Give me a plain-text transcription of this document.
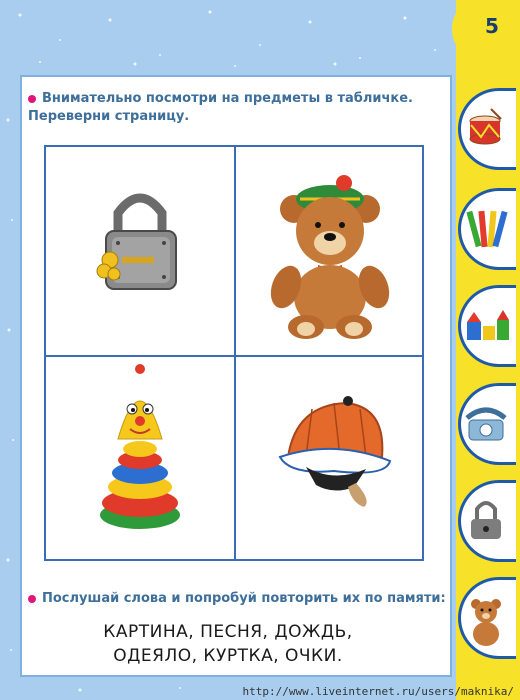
5
Внимательно посмотри на предметы в табличке.
Переверни страницу.
Послушай слова и попробуй повторить их по памяти:
КАРТИНА, ПЕСНЯ, ДОЖДЬ,
ОДЕЯЛО, КУРТКА, ОЧКИ.
http://www.liveinternet.ru/users/maknika/
